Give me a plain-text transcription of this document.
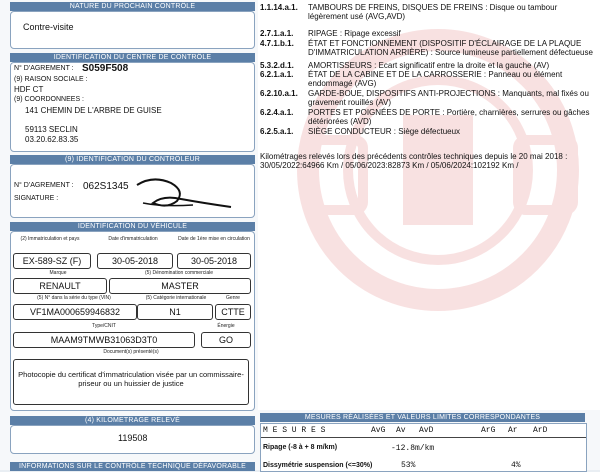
1.1.14.a.1. TAMBOURS DE FREINS, DISQUES DE FREINS : Disque ou tambour légèrement usé (AVG,AVD)
2.7.1.a.1. RIPAGE : Ripage excessif
4.7.1.b.1. ÉTAT ET FONCTIONNEMENT (DISPOSITIF D'ÉCLAIRAGE DE LA PLAQUE D'IMMATRICULATION ARRIÈRE) : Source lumineuse partiellement défectueuse
5.3.2.d.1. AMORTISSEURS : Ecart significatif entre la droite et la gauche (AV)
6.2.1.a.1. ÉTAT DE LA CABINE ET DE LA CARROSSERIE : Panneau ou élément endommagé (AVG)
6.2.10.a.1. GARDE-BOUE, DISPOSITIFS ANTI-PROJECTIONS : Manquants, mal fixés ou gravement rouillés (AV)
6.2.4.a.1. PORTES ET POIGNÉES DE PORTE : Portière, charnières, serrures ou gâches détériorées (AVD)
6.2.5.a.1. SIÈGE CONDUCTEUR : Siège défectueux
Kilométrages relevés lors des précédents contrôles techniques depuis le 20 mai 2018 : 30/05/2022:64966 Km / 05/06/2023:82873 Km / 05/06/2024:102192 Km /
NATURE DU PROCHAIN CONTRÔLE
Contre-visite
IDENTIFICATION DU CENTRE DE CONTRÔLE
N° D'AGREMENT : S059F508
(9) RAISON SOCIALE :
HDF CT
(9) COORDONNEES :
141 CHEMIN DE L'ARBRE DE GUISE
59113 SECLIN
03.20.62.83.35
(9) IDENTIFICATION DU CONTRÔLEUR
N° D'AGREMENT : 062S1345
SIGNATURE :
IDENTIFICATION DU VÉHICULE
(2) Immatriculation et pays	Date d'immatriculation	Date de 1ère mise en circulation
EX-589-SZ (F)	30-05-2018	30-05-2018
Marque	(5) Dénomination commerciale
RENAULT	MASTER
(5) N° dans la série du type (VIN)	(5) Catégorie internationale	Genre
VF1MA000659946832	N1	CTTE
Type/CNIT	Énergie
MAAM9TMWB31063D3T0	GO
Document(s) présenté(s)
Photocopie du certificat d'immatriculation visée par un commissaire-priseur ou un huissier de justice
(4) KILOMETRAGE RELEVÉ
119508
INFORMATIONS SUR LE CONTRÔLE TECHNIQUE DÉFAVORABLE
MESURES RÉALISÉES ET VALEURS LIMITES CORRESPONDANTES
M E S U R E S	AvG Av AvD	ArG Ar ArD
Ripage (-8 à + 8 m/km)	-12.8m/km
Dissymétrie suspension (<=30%)	53%	4%
